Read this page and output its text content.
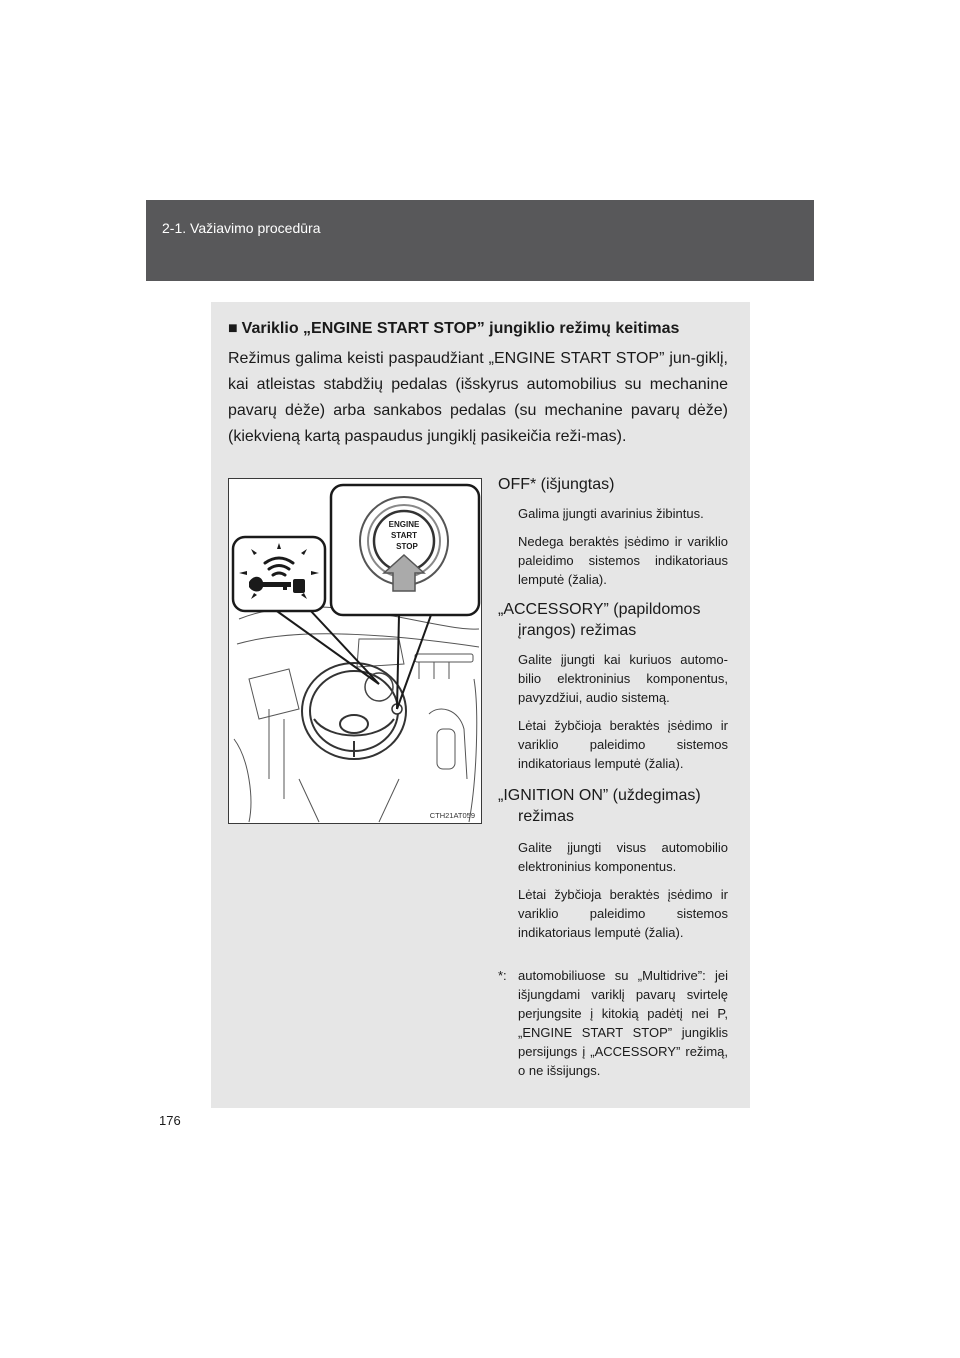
2-1. Važiavimo procedūra
■ Variklio „ENGINE START STOP” jungiklio režimų keitimas
Režimus galima keisti paspaudžiant „ENGINE START STOP” jun-giklį, kai atleistas stabdžių pedalas (išskyrus automobilius su mechanine pavarų dėže) arba sankabos pedalas (su mechanine pavarų dėže) (kiekvieną kartą paspaudus jungiklį pasikeičia reži-mas).
ENGINE
START
STOP
CTH21AT059
OFF* (išjungtas)
Galima įjungti avarinius žibintus.
Nedega beraktės įsėdimo ir variklio paleidimo sistemos indikatoriaus lemputė (žalia).
„ACCESSORY” (papildomos
įrangos) režimas
Galite įjungti kai kuriuos automo-bilio elektroninius komponentus, pavyzdžiui, audio sistemą.
Lėtai žybčioja beraktės įsėdimo ir variklio paleidimo sistemos indikatoriaus lemputė (žalia).
„IGNITION ON” (uždegimas)
režimas
Galite įjungti visus automobilio elektroninius komponentus.
Lėtai žybčioja beraktės įsėdimo ir variklio paleidimo sistemos indikatoriaus lemputė (žalia).
*: automobiliuose su „Multidrive”: jei išjungdami variklį pavarų svirtelę perjungsite į kitokią padėtį nei P, „ENGINE START STOP” jungiklis persijungs į „ACCESSORY” režimą, o ne išsijungs.
176
